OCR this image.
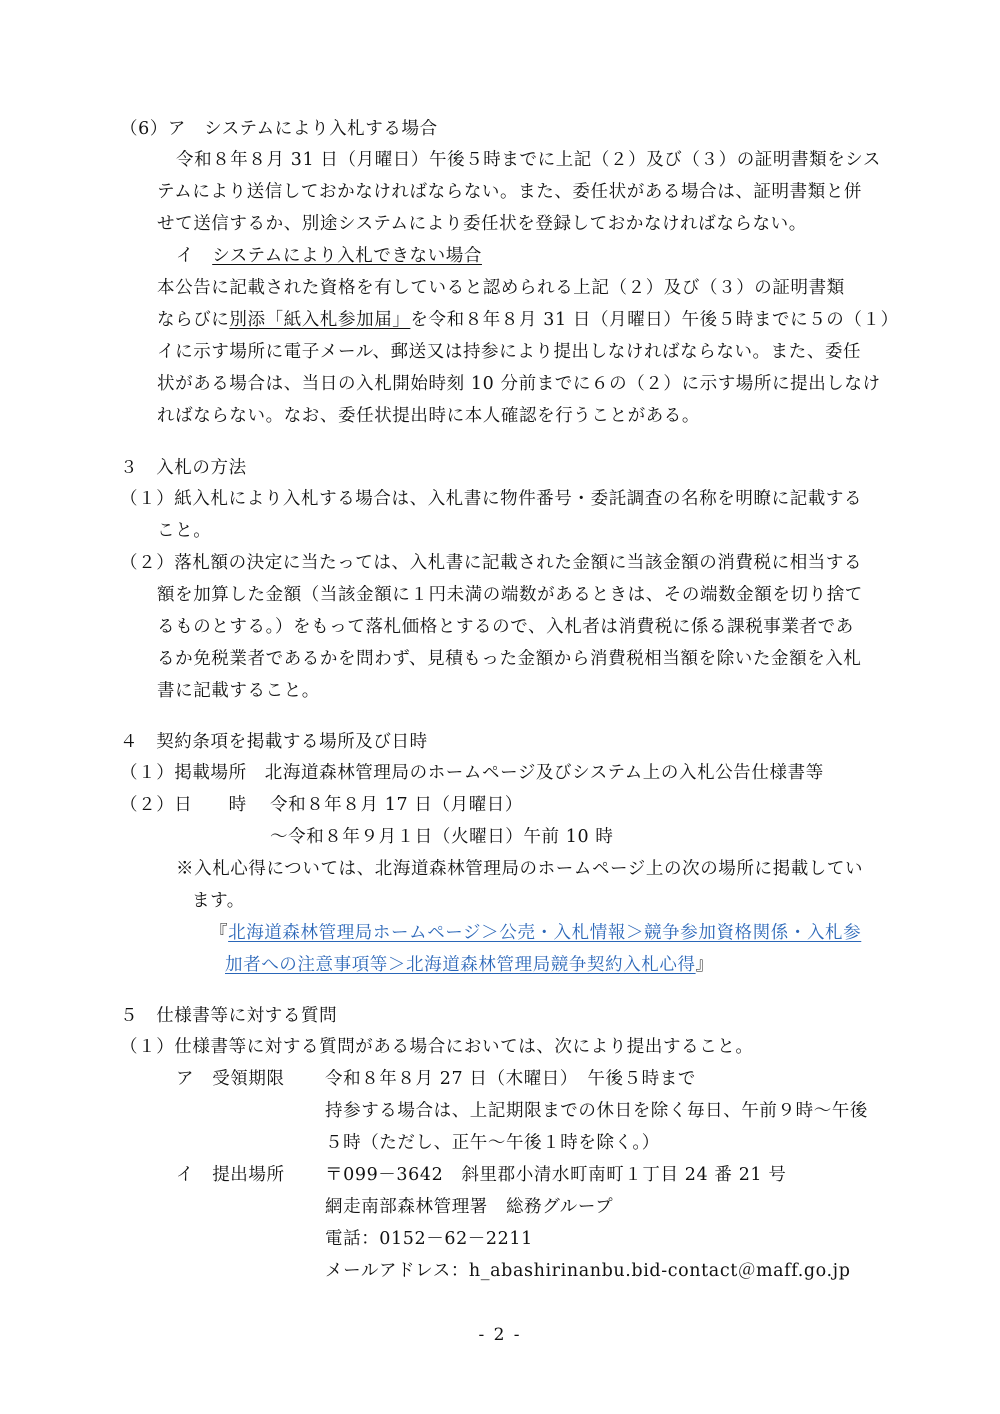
（6）ア　システムにより入札する場合
令和８年８月 31 日（月曜日）午後５時までに上記（２）及び（３）の証明書類をシス
テムにより送信しておかなければならない。また、委任状がある場合は、証明書類と併
せて送信するか、別途システムにより委任状を登録しておかなければならない。
イ　システムにより入札できない場合
本公告に記載された資格を有していると認められる上記（２）及び（３）の証明書類
ならびに別添「紙入札参加届」を令和８年８月 31 日（月曜日）午後５時までに５の（１）
イに示す場所に電子メール、郵送又は持参により提出しなければならない。また、委任
状がある場合は、当日の入札開始時刻 10 分前までに６の（２）に示す場所に提出しなけ
ればならない。なお、委任状提出時に本人確認を行うことがある。
３　入札の方法
（１）紙入札により入札する場合は、入札書に物件番号・委託調査の名称を明瞭に記載する
こと。
（２）落札額の決定に当たっては、入札書に記載された金額に当該金額の消費税に相当する
額を加算した金額（当該金額に１円未満の端数があるときは、その端数金額を切り捨て
るものとする。）をもって落札価格とするので、入札者は消費税に係る課税事業者であ
るか免税業者であるかを問わず、見積もった金額から消費税相当額を除いた金額を入札
書に記載すること。
４　契約条項を掲載する場所及び日時
（１）掲載場所　北海道森林管理局のホームページ及びシステム上の入札公告仕様書等
（２）日　　時 令和８年８月 17 日（月曜日）
～令和８年９月１日（火曜日）午前 10 時
※入札心得については、北海道森林管理局のホームページ上の次の場所に掲載してい
ます。
『北海道森林管理局ホームページ＞公売・入札情報＞競争参加資格関係・入札参
加者への注意事項等＞北海道森林管理局競争契約入札心得』
５　仕様書等に対する質問
（１）仕様書等に対する質問がある場合においては、次により提出すること。
ア　受領期限 令和８年８月 27 日（木曜日）　午後５時まで
持参する場合は、上記期限までの休日を除く毎日、午前９時～午後
５時（ただし、正午～午後１時を除く。）
イ　提出場所 〒099－3642　斜里郡小清水町南町１丁目 24 番 21 号
網走南部森林管理署　総務グループ
電話：0152－62－2211
メールアドレス：h_abashirinanbu.bid-contact＠maff.go.jp
- 2 -
